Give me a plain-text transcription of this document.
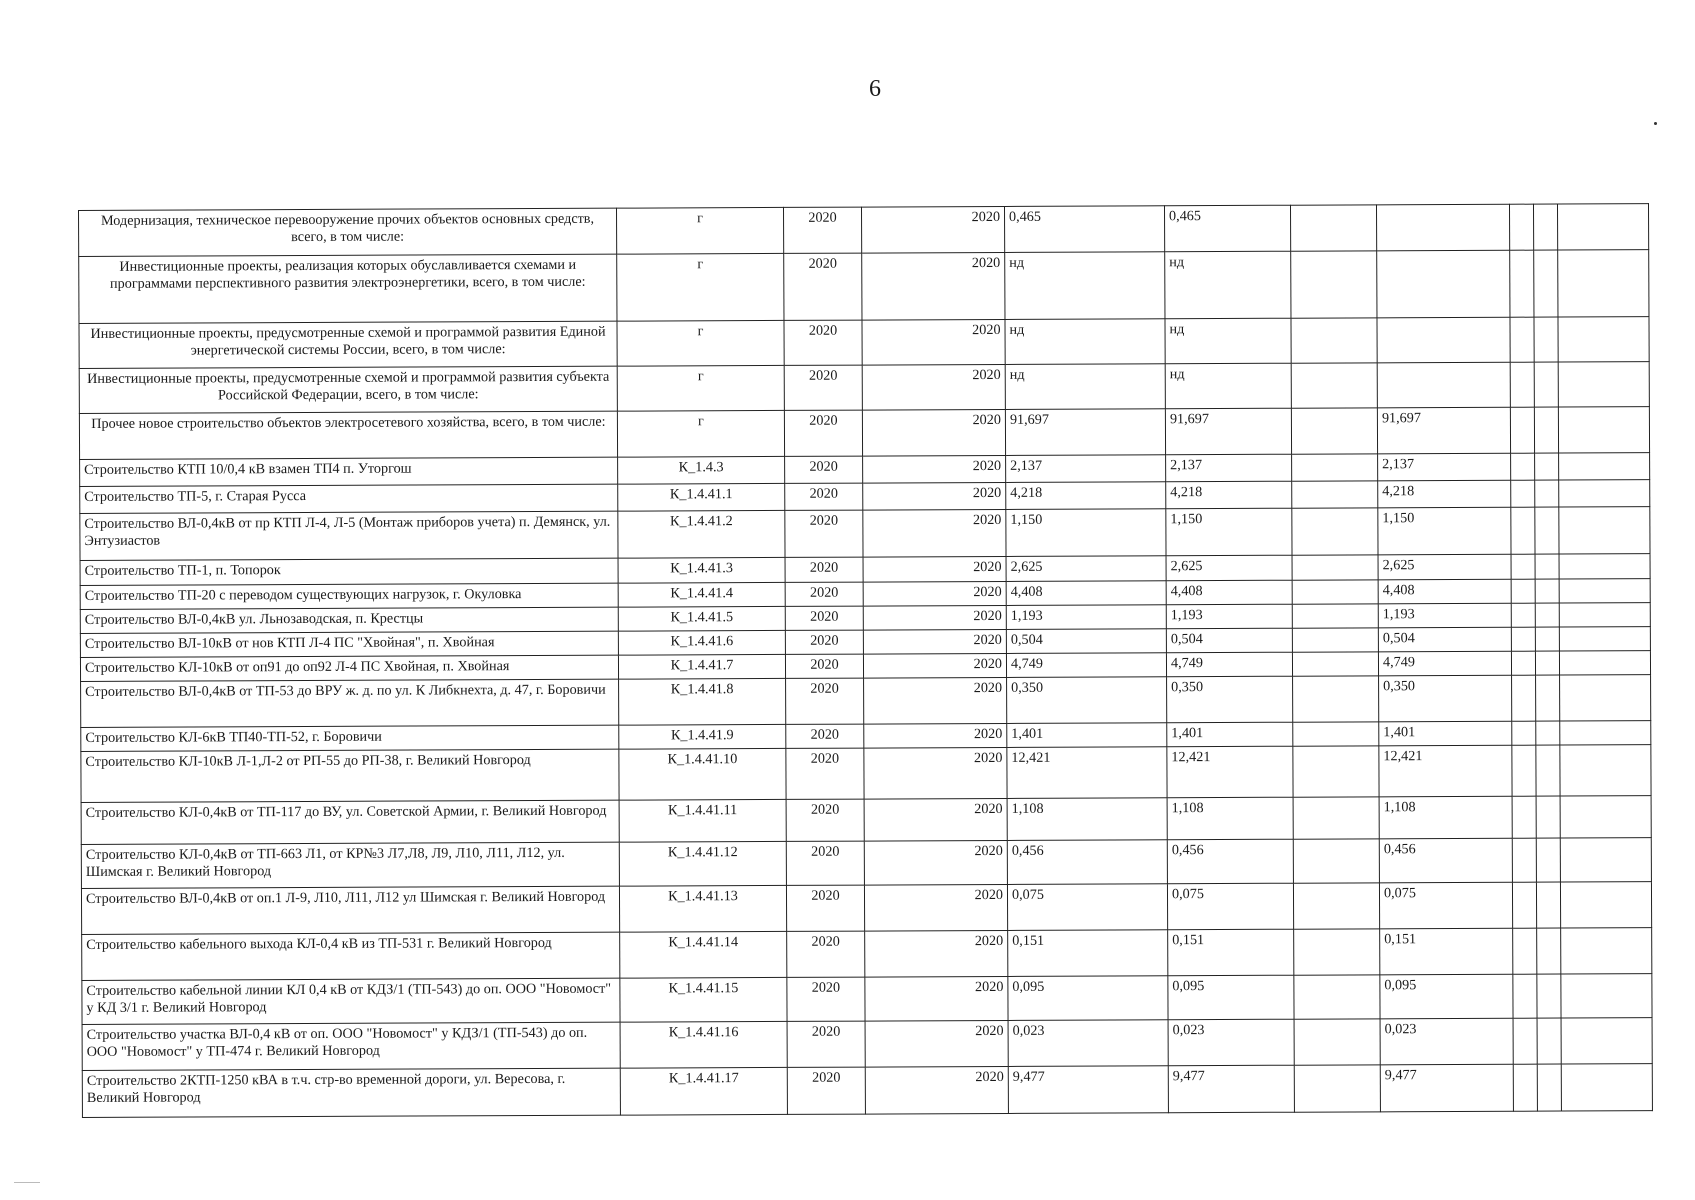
6
Модернизация, техническое перевооружение прочих объектов основных средств, всего, в том числе:	г	2020	2020	0,465	0,465					
Инвестиционные проекты, реализация которых обуславливается схемами и программами перспективного развития электроэнергетики, всего, в том числе:	г	2020	2020	нд	нд					
Инвестиционные проекты, предусмотренные схемой и программой развития Единой энергетической системы России, всего, в том числе:	г	2020	2020	нд	нд					
Инвестиционные проекты, предусмотренные схемой и программой развития субъекта Российской Федерации, всего, в том числе:	г	2020	2020	нд	нд					
Прочее новое строительство объектов электросетевого хозяйства, всего, в том числе:	г	2020	2020	91,697	91,697		91,697			
Строительство КТП 10/0,4 кВ взамен ТП4 п. Уторгош	К_1.4.3	2020	2020	2,137	2,137		2,137			
Строительство ТП-5, г. Старая Русса	К_1.4.41.1	2020	2020	4,218	4,218		4,218			
Строительство ВЛ-0,4кВ от пр КТП Л-4, Л-5 (Монтаж приборов учета) п. Демянск, ул. Энтузиастов	К_1.4.41.2	2020	2020	1,150	1,150		1,150			
Строительство ТП-1, п. Топорок	К_1.4.41.3	2020	2020	2,625	2,625		2,625			
Строительство ТП-20 с переводом существующих нагрузок, г. Окуловка	К_1.4.41.4	2020	2020	4,408	4,408		4,408			
Строительство ВЛ-0,4кВ ул. Льнозаводская, п. Крестцы	К_1.4.41.5	2020	2020	1,193	1,193		1,193			
Строительство ВЛ-10кВ от нов КТП Л-4 ПС "Хвойная", п. Хвойная	К_1.4.41.6	2020	2020	0,504	0,504		0,504			
Строительство КЛ-10кВ от оп91 до оп92 Л-4 ПС Хвойная, п. Хвойная	К_1.4.41.7	2020	2020	4,749	4,749		4,749			
Строительство ВЛ-0,4кВ от ТП-53 до ВРУ ж. д. по ул. К Либкнехта, д. 47, г. Боровичи	К_1.4.41.8	2020	2020	0,350	0,350		0,350			
Строительство КЛ-6кВ ТП40-ТП-52, г. Боровичи	К_1.4.41.9	2020	2020	1,401	1,401		1,401			
Строительство КЛ-10кВ Л-1,Л-2 от РП-55 до РП-38, г. Великий Новгород	К_1.4.41.10	2020	2020	12,421	12,421		12,421			
Строительство КЛ-0,4кВ от ТП-117 до ВУ, ул. Советской Армии, г. Великий Новгород	К_1.4.41.11	2020	2020	1,108	1,108		1,108			
Строительство КЛ-0,4кВ от ТП-663 Л1, от КР№3 Л7,Л8, Л9, Л10, Л11, Л12, ул. Шимская г. Великий Новгород	К_1.4.41.12	2020	2020	0,456	0,456		0,456			
Строительство ВЛ-0,4кВ от оп.1 Л-9, Л10, Л11, Л12 ул Шимская г. Великий Новгород	К_1.4.41.13	2020	2020	0,075	0,075		0,075			
Строительство кабельного выхода КЛ-0,4 кВ из ТП-531 г. Великий Новгород	К_1.4.41.14	2020	2020	0,151	0,151		0,151			
Строительство кабельной линии КЛ 0,4 кВ от КДЗ/1 (ТП-543) до оп. ООО "Новомост" у КД 3/1 г. Великий Новгород	К_1.4.41.15	2020	2020	0,095	0,095		0,095			
Строительство участка ВЛ-0,4 кВ от оп. ООО "Новомост" у КДЗ/1 (ТП-543) до оп. ООО "Новомост" у ТП-474 г. Великий Новгород	К_1.4.41.16	2020	2020	0,023	0,023		0,023			
Строительство 2КТП-1250 кВА в т.ч. стр-во временной дороги, ул. Вересова, г. Великий Новгород	К_1.4.41.17	2020	2020	9,477	9,477		9,477			
